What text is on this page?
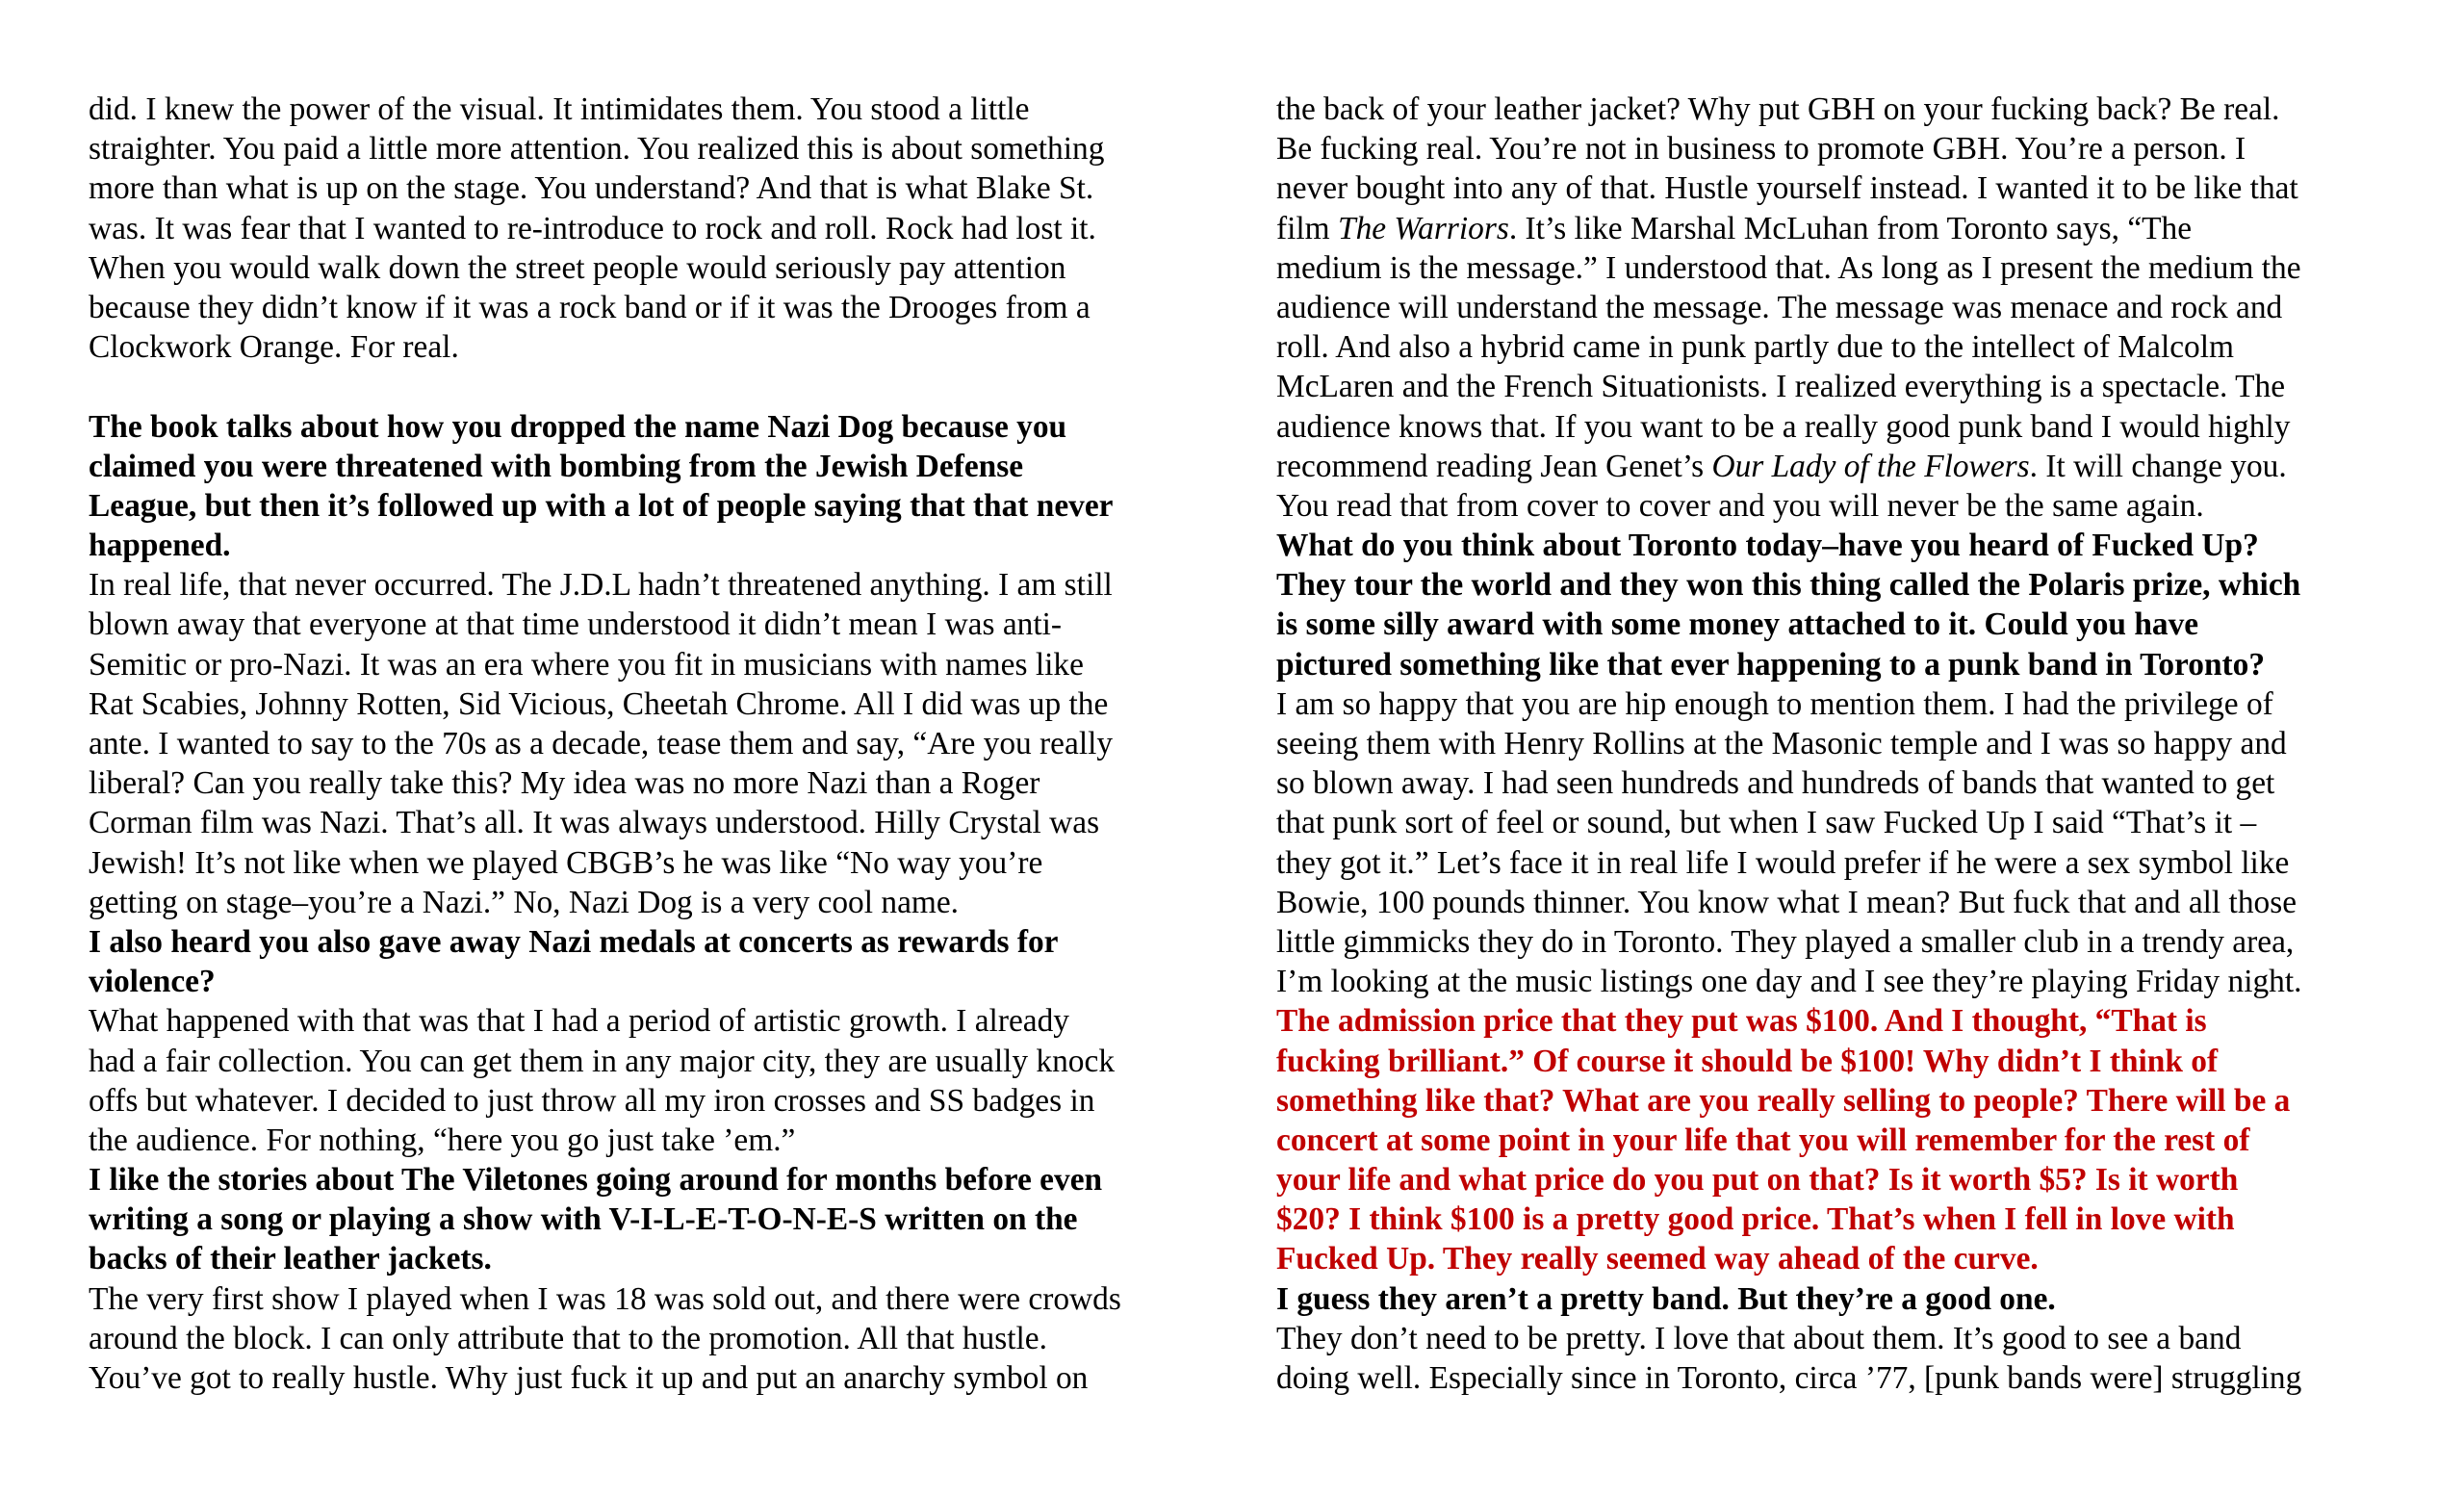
did. I knew the power of the visual. It intimidates them. You stood a little
straighter. You paid a little more attention. You realized this is about something
more than what is up on the stage. You understand? And that is what Blake St.
was. It was fear that I wanted to re-introduce to rock and roll. Rock had lost it.
When you would walk down the street people would seriously pay attention
because they didn’t know if it was a rock band or if it was the Drooges from a
Clockwork Orange. For real.
The book talks about how you dropped the name Nazi Dog because you
claimed you were threatened with bombing from the Jewish Defense
League, but then it’s followed up with a lot of people saying that that never
happened.
In real life, that never occurred. The J.D.L hadn’t threatened anything. I am still
blown away that everyone at that time understood it didn’t mean I was anti-
Semitic or pro-Nazi. It was an era where you fit in musicians with names like
Rat Scabies, Johnny Rotten, Sid Vicious, Cheetah Chrome. All I did was up the
ante. I wanted to say to the 70s as a decade, tease them and say, “Are you really
liberal? Can you really take this? My idea was no more Nazi than a Roger
Corman film was Nazi. That’s all. It was always understood. Hilly Crystal was
Jewish! It’s not like when we played CBGB’s he was like “No way you’re
getting on stage–you’re a Nazi.” No, Nazi Dog is a very cool name.
I also heard you also gave away Nazi medals at concerts as rewards for
violence?
What happened with that was that I had a period of artistic growth. I already
had a fair collection. You can get them in any major city, they are usually knock
offs but whatever. I decided to just throw all my iron crosses and SS badges in
the audience. For nothing, “here you go just take ’em.”
I like the stories about The Viletones going around for months before even
writing a song or playing a show with V-I-L-E-T-O-N-E-S written on the
backs of their leather jackets.
The very first show I played when I was 18 was sold out, and there were crowds
around the block. I can only attribute that to the promotion. All that hustle.
You’ve got to really hustle. Why just fuck it up and put an anarchy symbol on
the back of your leather jacket? Why put GBH on your fucking back? Be real.
Be fucking real. You’re not in business to promote GBH. You’re a person. I
never bought into any of that. Hustle yourself instead. I wanted it to be like that
film The Warriors. It’s like Marshal McLuhan from Toronto says, “The
medium is the message.” I understood that. As long as I present the medium the
audience will understand the message. The message was menace and rock and
roll. And also a hybrid came in punk partly due to the intellect of Malcolm
McLaren and the French Situationists. I realized everything is a spectacle. The
audience knows that. If you want to be a really good punk band I would highly
recommend reading Jean Genet’s Our Lady of the Flowers. It will change you.
You read that from cover to cover and you will never be the same again.
What do you think about Toronto today–have you heard of Fucked Up?
They tour the world and they won this thing called the Polaris prize, which
is some silly award with some money attached to it. Could you have
pictured something like that ever happening to a punk band in Toronto?
I am so happy that you are hip enough to mention them. I had the privilege of
seeing them with Henry Rollins at the Masonic temple and I was so happy and
so blown away. I had seen hundreds and hundreds of bands that wanted to get
that punk sort of feel or sound, but when I saw Fucked Up I said “That’s it –
they got it.” Let’s face it in real life I would prefer if he were a sex symbol like
Bowie, 100 pounds thinner. You know what I mean? But fuck that and all those
little gimmicks they do in Toronto. They played a smaller club in a trendy area,
I’m looking at the music listings one day and I see they’re playing Friday night.
The admission price that they put was $100. And I thought, “That is
fucking brilliant.” Of course it should be $100! Why didn’t I think of
something like that? What are you really selling to people? There will be a
concert at some point in your life that you will remember for the rest of
your life and what price do you put on that? Is it worth $5? Is it worth
$20? I think $100 is a pretty good price. That’s when I fell in love with
Fucked Up. They really seemed way ahead of the curve.
I guess they aren’t a pretty band. But they’re a good one.
They don’t need to be pretty. I love that about them. It’s good to see a band
doing well. Especially since in Toronto, circa ’77, [punk bands were] struggling
